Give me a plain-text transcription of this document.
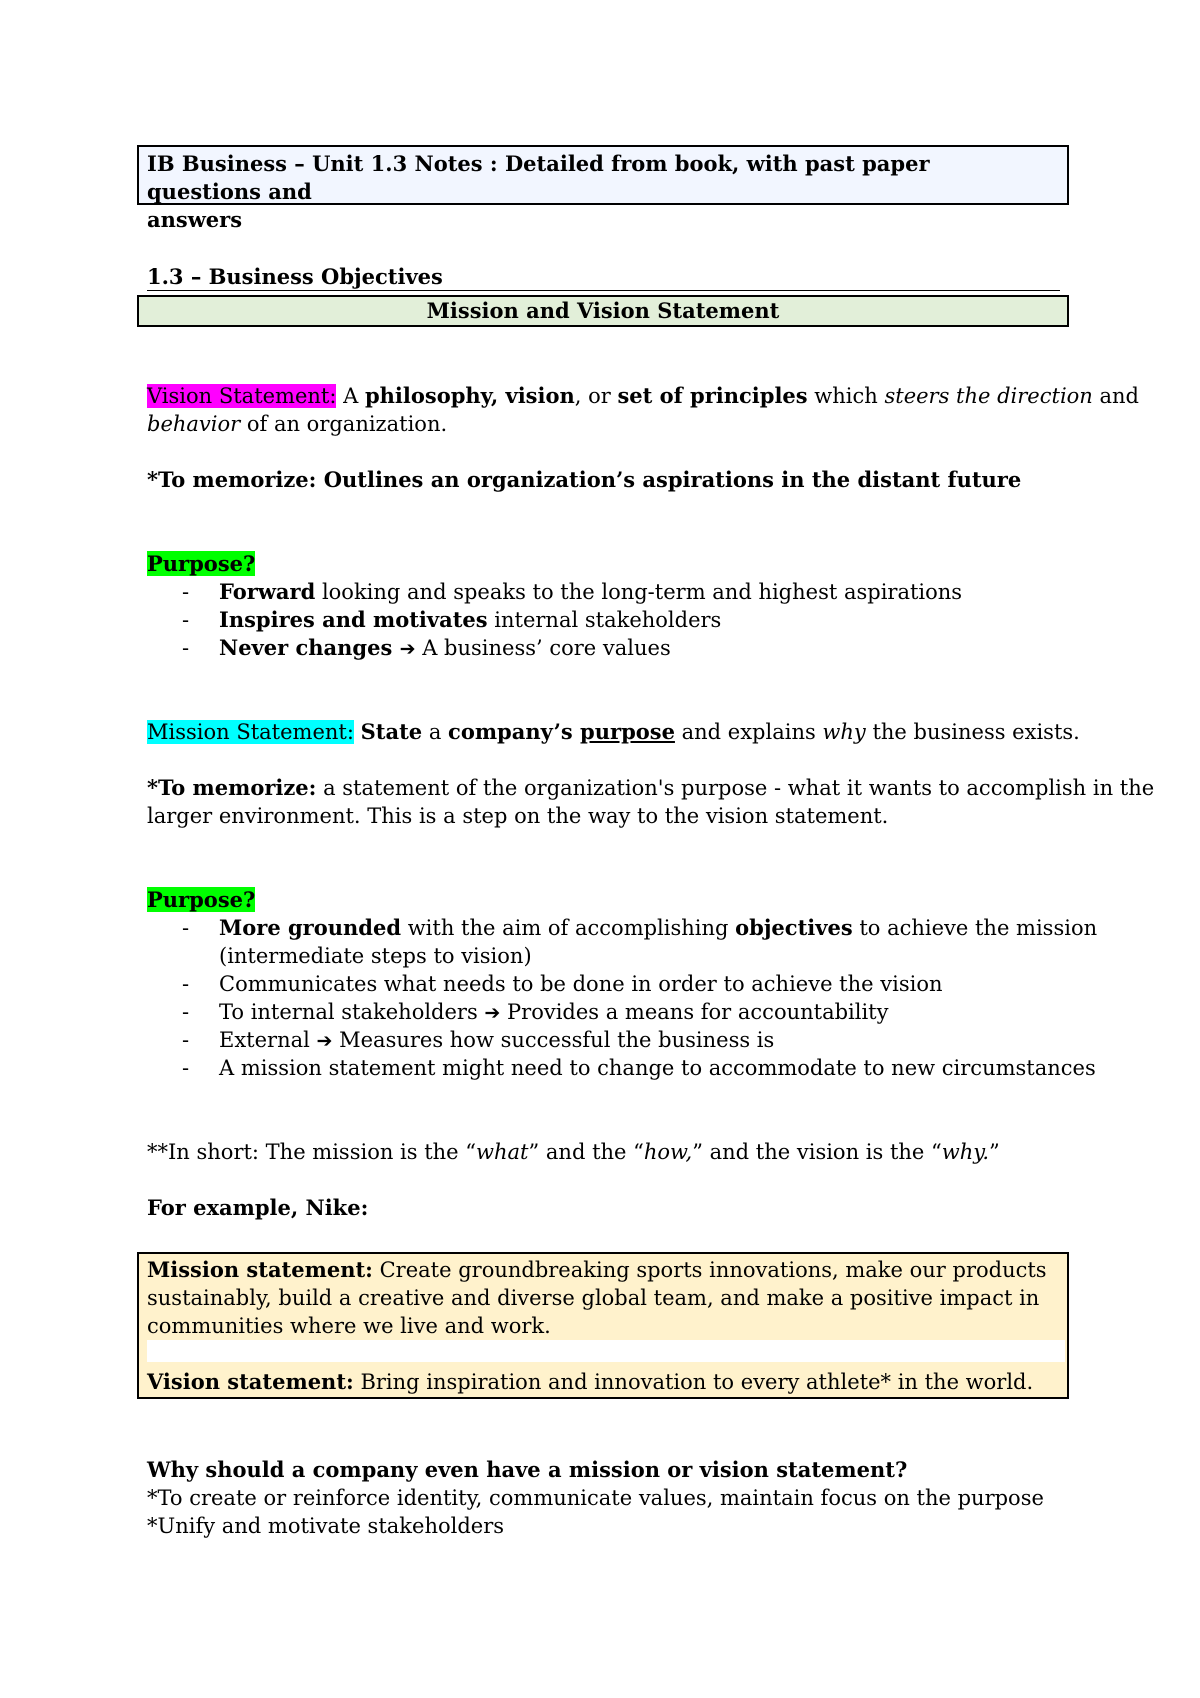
IB Business – Unit 1.3 Notes : Detailed from book, with past paper questions and
answers
1.3 – Business Objectives
Mission and Vision Statement
Vision Statement: A philosophy, vision, or set of principles which steers the direction and
behavior of an organization.
*To memorize: Outlines an organization’s aspirations in the distant future
Purpose?
- Forward looking and speaks to the long-term and highest aspirations
- Inspires and motivates internal stakeholders
- Never changes ➔ A business’ core values
Mission Statement: State a company’s purpose and explains why the business exists.
*To memorize: a statement of the organization's purpose - what it wants to accomplish in the
larger environment. This is a step on the way to the vision statement.
Purpose?
- More grounded with the aim of accomplishing objectives to achieve the mission
(intermediate steps to vision)
- Communicates what needs to be done in order to achieve the vision
- To internal stakeholders ➔ Provides a means for accountability
- External ➔ Measures how successful the business is
- A mission statement might need to change to accommodate to new circumstances
**In short: The mission is the “what” and the “how,” and the vision is the “why.”
For example, Nike:
Mission statement: Create groundbreaking sports innovations, make our products
sustainably, build a creative and diverse global team, and make a positive impact in
communities where we live and work.
Vision statement: Bring inspiration and innovation to every athlete* in the world.
Why should a company even have a mission or vision statement?
*To create or reinforce identity, communicate values, maintain focus on the purpose
*Unify and motivate stakeholders
